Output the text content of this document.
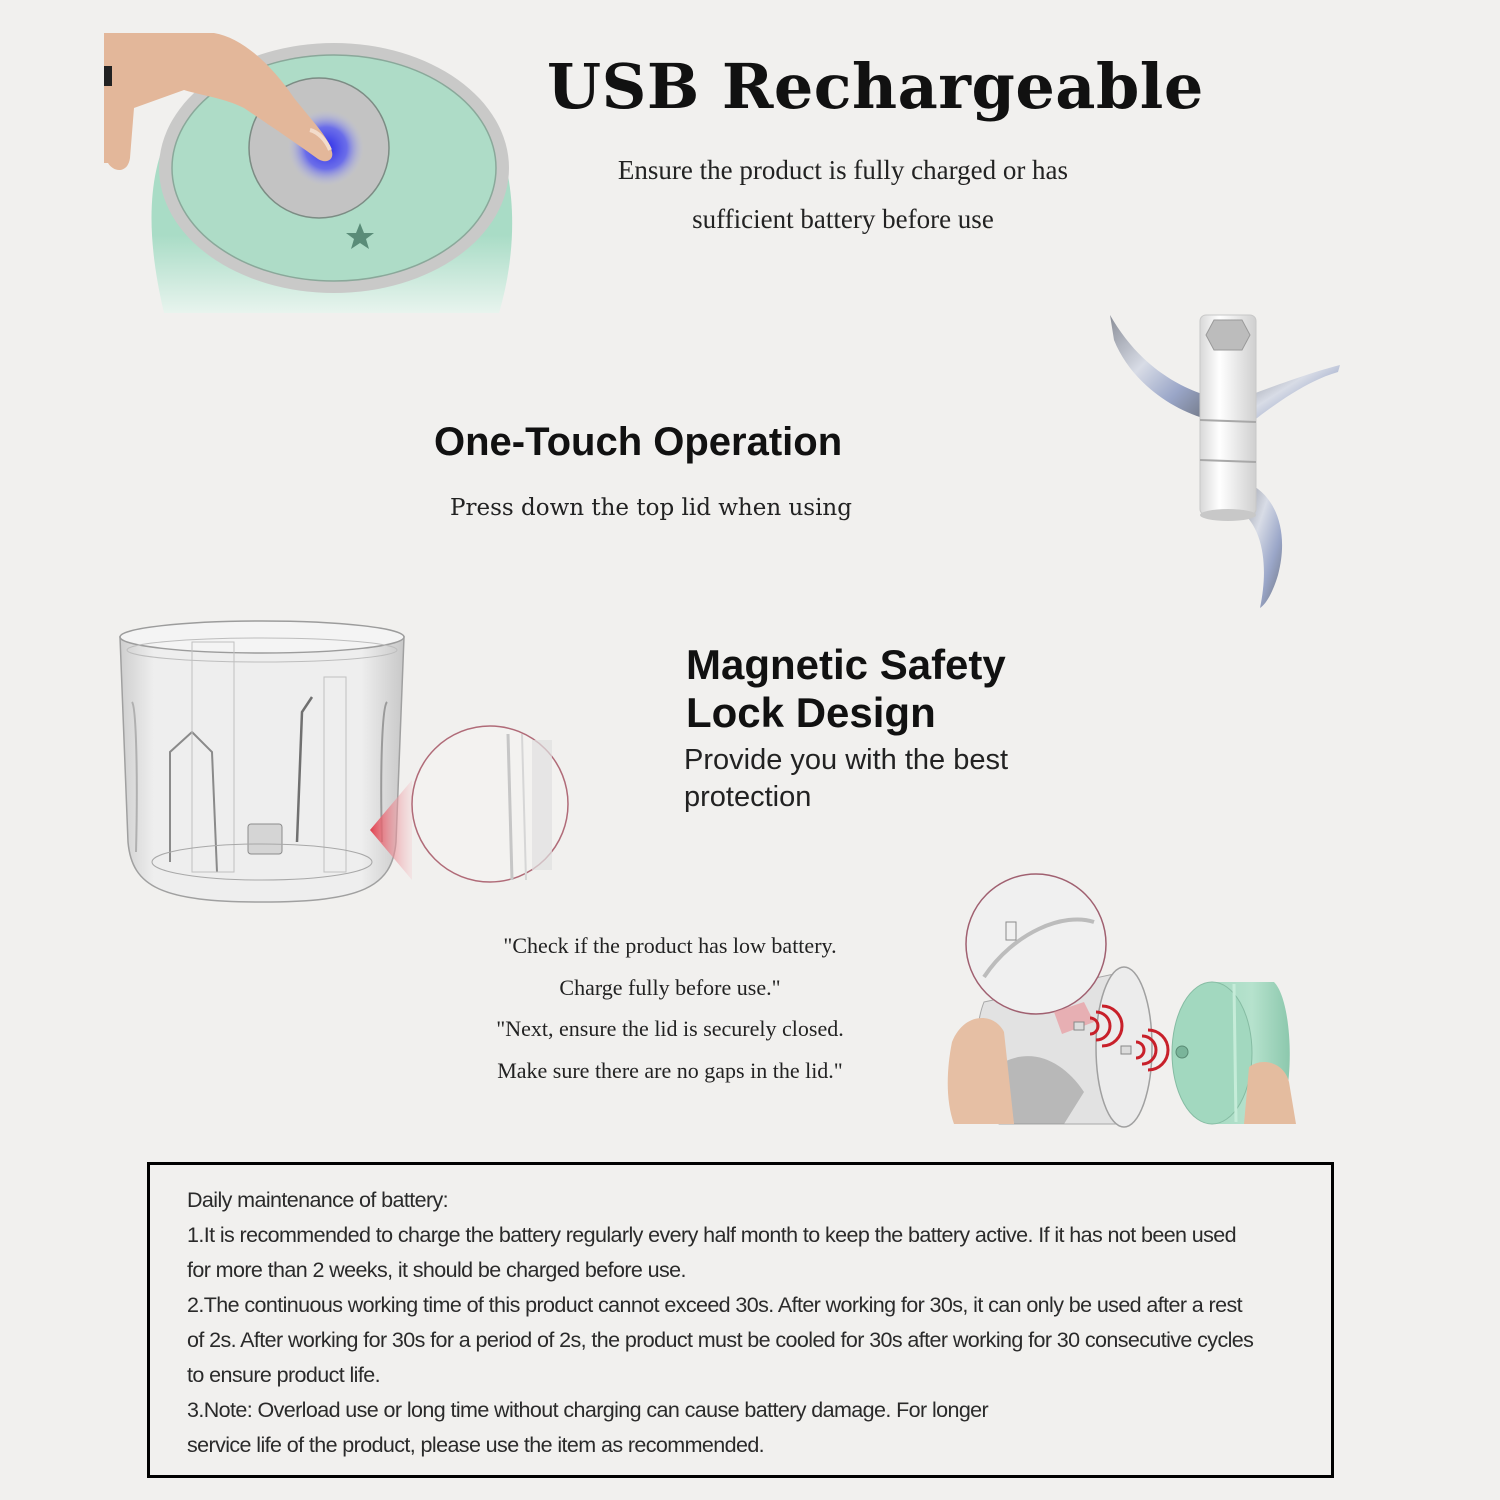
USB Rechargeable
Ensure the product is fully charged or has
sufficient battery before use
One-Touch Operation
Press down the top lid when using
Magnetic Safety
Lock Design
Provide you with the best
protection
"Check if the product has low battery.
Charge fully before use."
"Next, ensure the lid is securely closed.
Make sure there are no gaps in the lid."
Daily maintenance of battery:
1.It is recommended to charge the battery regularly every half month to keep the battery active. If it has not been used
for more than 2 weeks, it should be charged before use.
2.The continuous working time of this product cannot exceed 30s. After working for 30s, it can only be used after a rest
of 2s. After working for 30s for a period of 2s, the product must be cooled for 30s after working for 30 consecutive cycles
to ensure product life.
3.Note: Overload use or long time without charging can cause battery damage. For longer
service life of the product, please use the item as recommended.
